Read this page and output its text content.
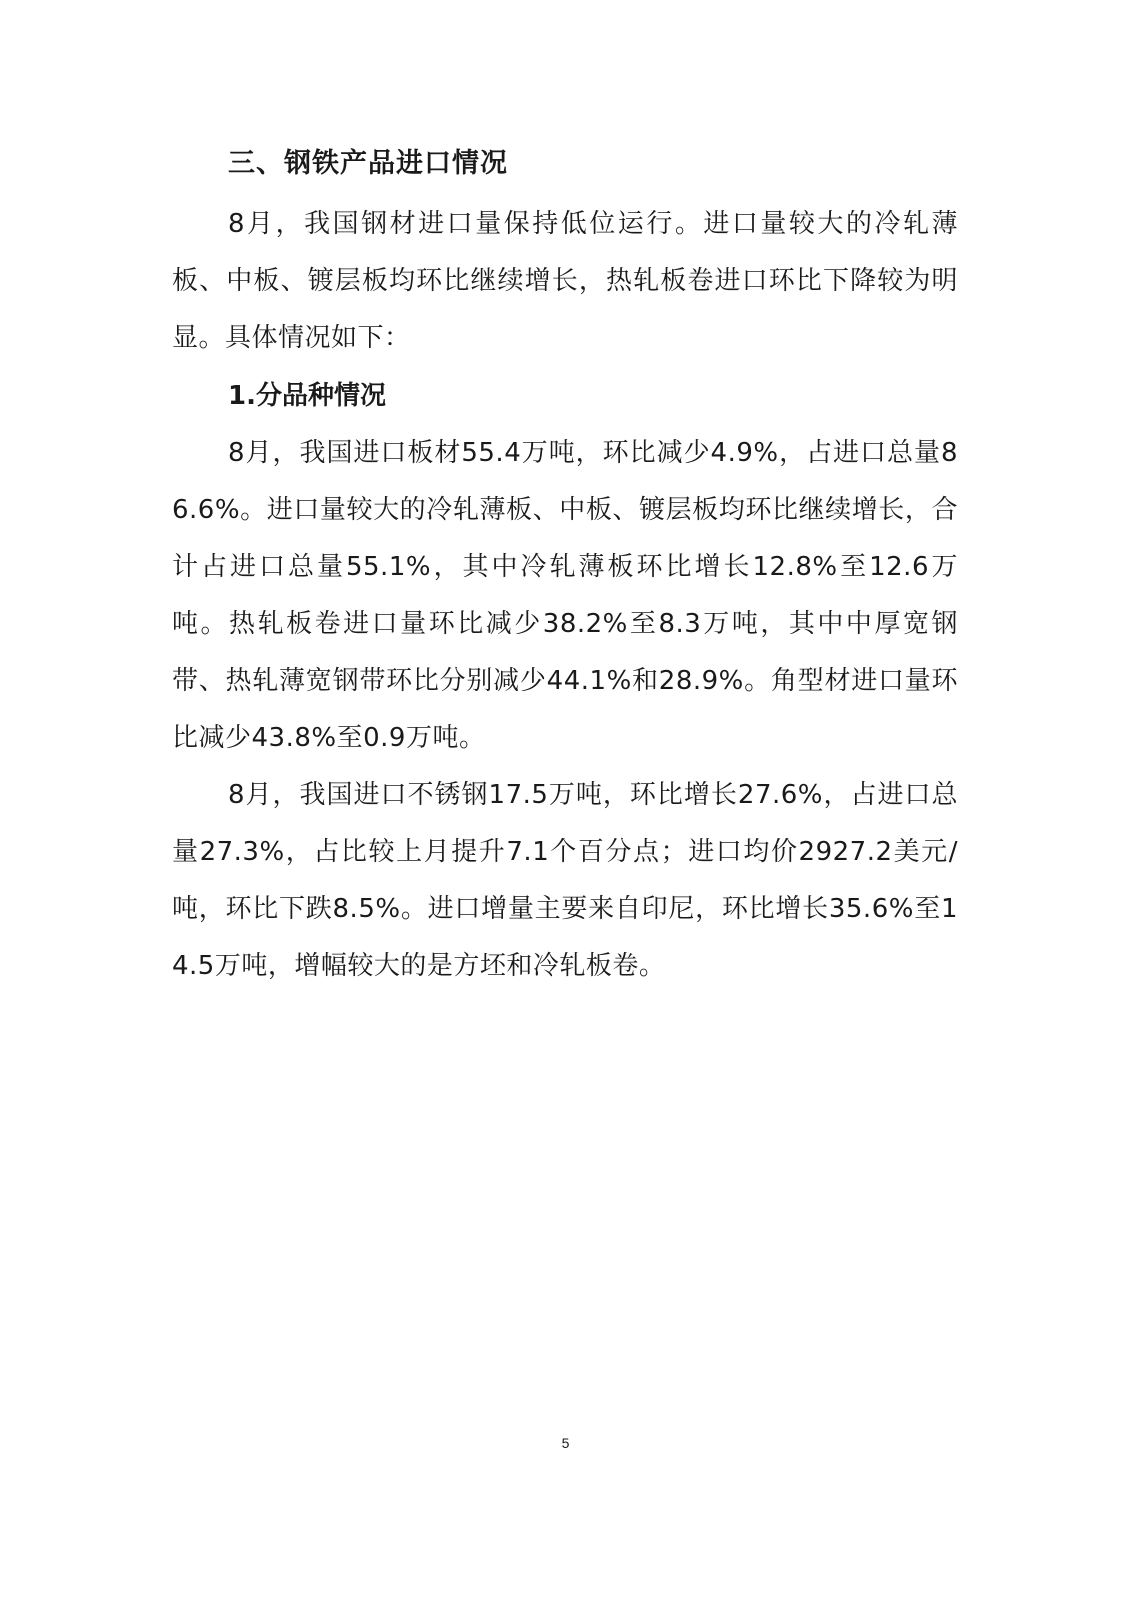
三、钢铁产品进口情况

8月，我国钢材进口量保持低位运行。进口量较大的冷轧薄板、中板、镀层板均环比继续增长，热轧板卷进口环比下降较为明显。具体情况如下：

1.分品种情况

8月，我国进口板材55.4万吨，环比减少4.9%，占进口总量86.6%。进口量较大的冷轧薄板、中板、镀层板均环比继续增长，合计占进口总量55.1%，其中冷轧薄板环比增长12.8%至12.6万吨。热轧板卷进口量环比减少38.2%至8.3万吨，其中中厚宽钢带、热轧薄宽钢带环比分别减少44.1%和28.9%。角型材进口量环比减少43.8%至0.9万吨。

8月，我国进口不锈钢17.5万吨，环比增长27.6%，占进口总量27.3%，占比较上月提升7.1个百分点；进口均价2927.2美元/吨，环比下跌8.5%。进口增量主要来自印尼，环比增长35.6%至14.5万吨，增幅较大的是方坯和冷轧板卷。

5
